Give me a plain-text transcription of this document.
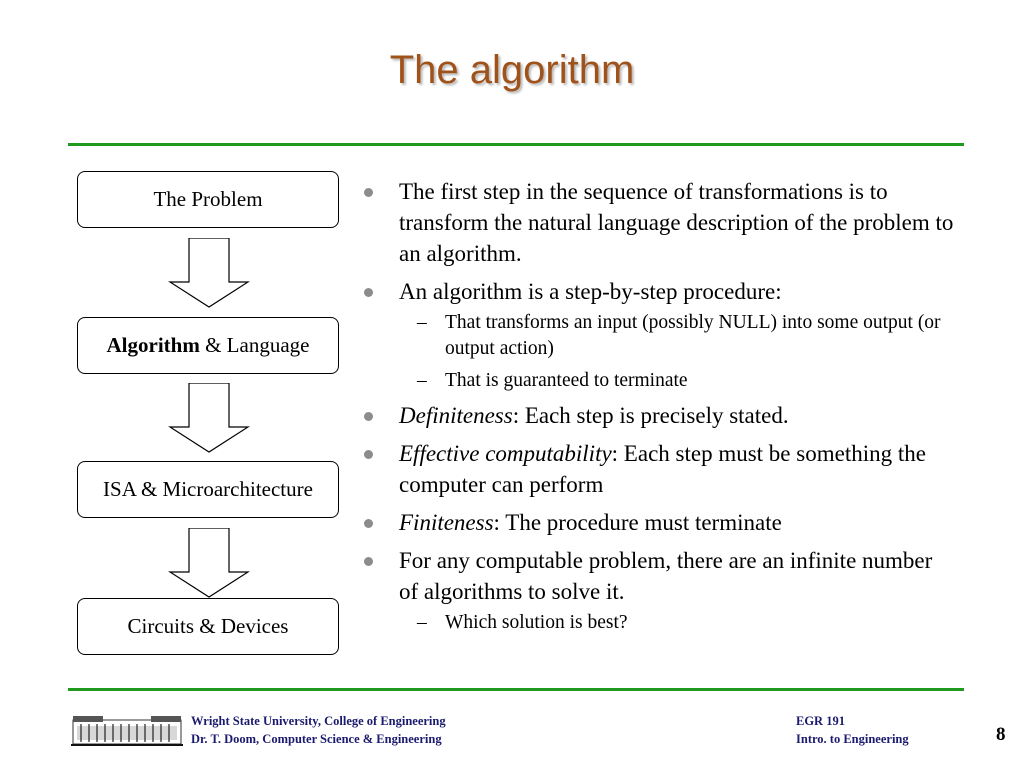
The algorithm
The Problem
Algorithm & Language
ISA & Microarchitecture
Circuits & Devices
The first step in the sequence of transformations is to transform the natural language description of the problem to an algorithm.
An algorithm is a step-by-step procedure:
– That transforms an input (possibly NULL) into some output (or output action)
– That is guaranteed to terminate
Definiteness: Each step is precisely stated.
Effective computability: Each step must be something the computer can perform
Finiteness: The procedure must terminate
For any computable problem, there are an infinite number of algorithms to solve it.
– Which solution is best?
Wright State University, College of Engineering
Dr. T. Doom, Computer Science & Engineering
EGR 191
Intro. to Engineering	8
